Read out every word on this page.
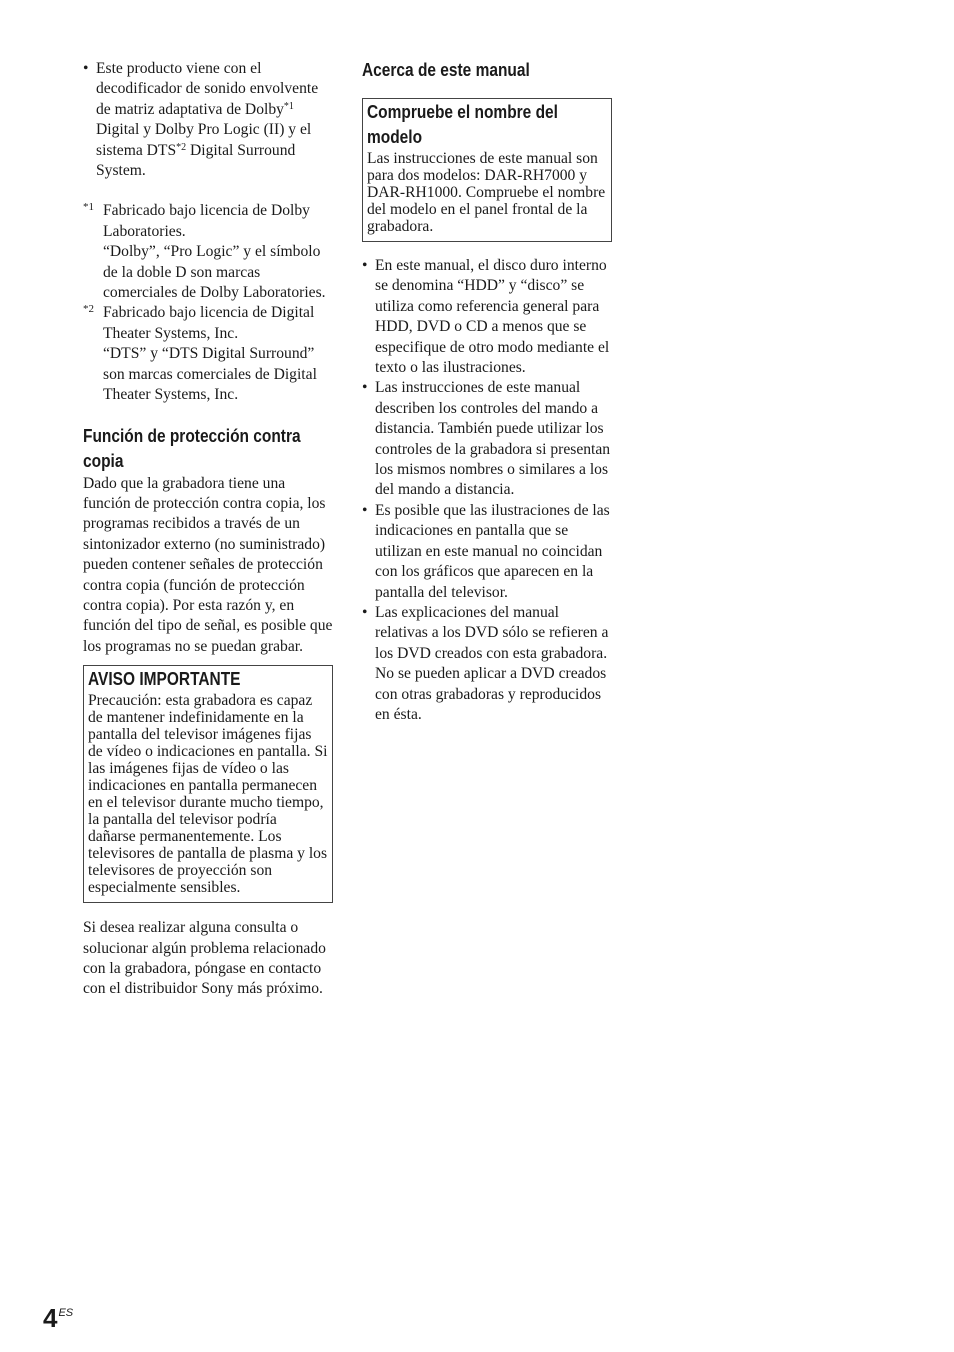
• Este producto viene con el decodificador de sonido envolvente de matriz adaptativa de Dolby$^{*1}$ Digital y Dolby Pro Logic (II) y el sistema DTS$^{*2}$ Digital Surround System.
*1 Fabricado bajo licencia de Dolby Laboratories.
“Dolby”, “Pro Logic” y el símbolo de la doble D son marcas comerciales de Dolby Laboratories.
*2 Fabricado bajo licencia de Digital Theater Systems, Inc.
“DTS” y “DTS Digital Surround” son marcas comerciales de Digital Theater Systems, Inc.
Función de protección contra
copia
Dado que la grabadora tiene una función de protección contra copia, los programas recibidos a través de un sintonizador externo (no suministrado) pueden contener señales de protección contra copia (función de protección contra copia). Por esta razón y, en función del tipo de señal, es posible que los programas no se puedan grabar.
AVISO IMPORTANTE
Precaución: esta grabadora es capaz de mantener indefinidamente en la pantalla del televisor imágenes fijas de vídeo o indicaciones en pantalla. Si las imágenes fijas de vídeo o las indicaciones en pantalla permanecen en el televisor durante mucho tiempo, la pantalla del televisor podría dañarse permanentemente. Los televisores de pantalla de plasma y los televisores de proyección son especialmente sensibles.
Si desea realizar alguna consulta o solucionar algún problema relacionado con la grabadora, póngase en contacto con el distribuidor Sony más próximo.
Acerca de este manual
Compruebe el nombre del
modelo
Las instrucciones de este manual son para dos modelos: DAR-RH7000 y DAR-RH1000. Compruebe el nombre del modelo en el panel frontal de la grabadora.
• En este manual, el disco duro interno se denomina “HDD” y “disco” se utiliza como referencia general para HDD, DVD o CD a menos que se especifique de otro modo mediante el texto o las ilustraciones.
• Las instrucciones de este manual describen los controles del mando a distancia. También puede utilizar los controles de la grabadora si presentan los mismos nombres o similares a los del mando a distancia.
• Es posible que las ilustraciones de las indicaciones en pantalla que se utilizan en este manual no coincidan con los gráficos que aparecen en la pantalla del televisor.
• Las explicaciones del manual relativas a los DVD sólo se refieren a los DVD creados con esta grabadora. No se pueden aplicar a DVD creados con otras grabadoras y reproducidos en ésta.
$4^{ES}$
